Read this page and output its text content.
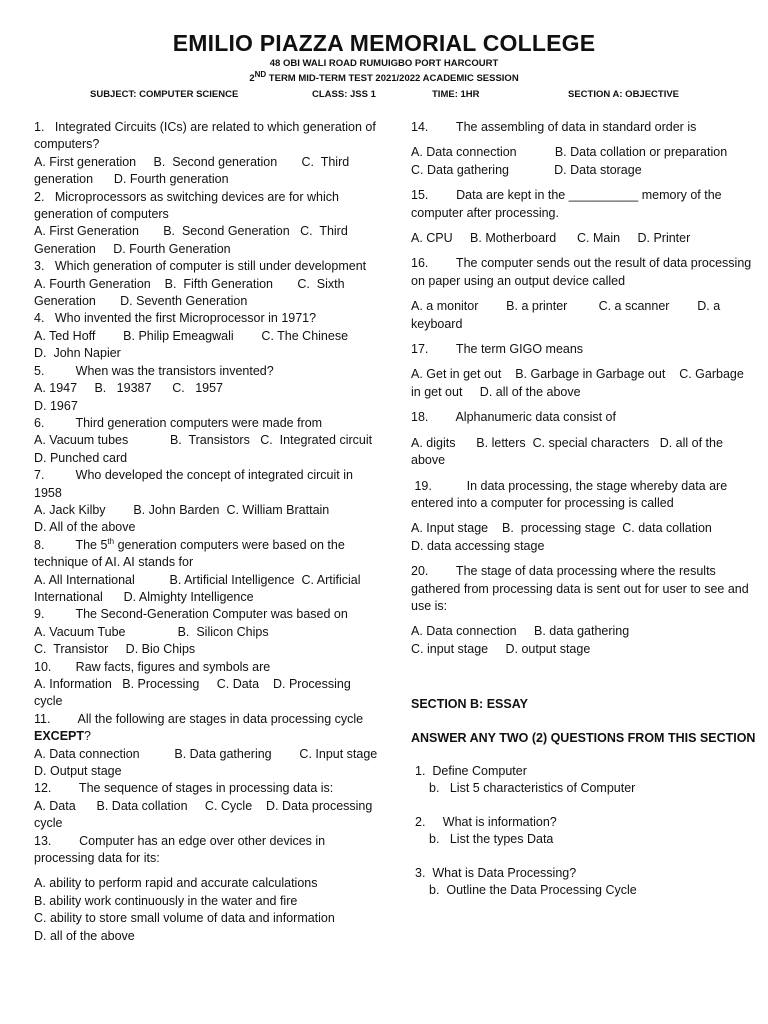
EMILIO PIAZZA MEMORIAL COLLEGE
48 OBI WALI ROAD RUMUIGBO PORT HARCOURT
2ND TERM MID-TERM TEST 2021/2022 ACADEMIC SESSION
SUBJECT: COMPUTER SCIENCE	CLASS: JSS 1	TIME: 1HR	SECTION A: OBJECTIVE

1.   Integrated Circuits (ICs) are related to which generation of computers?

A. First generation     B.  Second generation       C.  Third generation      D. Fourth generation

2.   Microprocessors as switching devices are for which generation of computers

A. First Generation       B.  Second Generation   C.  Third Generation     D. Fourth Generation

3.   Which generation of computer is still under development

A. Fourth Generation    B.  Fifth Generation       C.  Sixth Generation       D. Seventh Generation

4.   Who invented the first Microprocessor in 1971?

A. Ted Hoff        B. Philip Emeagwali        C. The Chinese

D.  John Napier

5.         When was the transistors invented?

A. 1947     B.   19387      C.   1957

D. 1967

6.         Third generation computers were made from

A. Vacuum tubes            B.  Transistors   C.  Integrated circuit

D. Punched card

7.         Who developed the concept of integrated circuit in 1958

A. Jack Kilby        B. John Barden  C. William Brattain

D. All of the above

8.         The 5th generation computers were based on the technique of AI. AI stands for

A. All International          B. Artificial Intelligence  C. Artificial International      D. Almighty Intelligence

9.         The Second-Generation Computer was based on

A. Vacuum Tube               B.  Silicon Chips

C.  Transistor     D. Bio Chips

10.       Raw facts, figures and symbols are

A. Information   B. Processing     C. Data    D. Processing cycle

11.        All the following are stages in data processing cycle EXCEPT?

A. Data connection          B. Data gathering        C. Input stage

D. Output stage

12.        The sequence of stages in processing data is:

A. Data      B. Data collation     C. Cycle    D. Data processing cycle

13.        Computer has an edge over other devices in processing data for its:

A. ability to perform rapid and accurate calculations

B. ability work continuously in the water and fire

C. ability to store small volume of data and information

D. all of the above

14.        The assembling of data in standard order is

A. Data connection           B. Data collation or preparation
C. Data gathering             D. Data storage

15.        Data are kept in the __________ memory of the computer after processing.

A. CPU     B. Motherboard      C. Main     D. Printer

16.        The computer sends out the result of data processing on paper using an output device called

A. a monitor        B. a printer         C. a scanner        D. a keyboard

17.        The term GIGO means

A. Get in get out    B. Garbage in Garbage out    C. Garbage in get out     D. all of the above

18.        Alphanumeric data consist of

A. digits      B. letters  C. special characters   D. all of the above

19.          In data processing, the stage whereby data are entered into a computer for processing is called

A. Input stage    B.  processing stage  C. data collation
D. data accessing stage

20.        The stage of data processing where the results gathered from processing data is sent out for user to see and use is:

A. Data connection     B. data gathering
C. input stage     D. output stage

SECTION B: ESSAY

ANSWER ANY TWO (2) QUESTIONS FROM THIS SECTION

1.  Define Computer

b.   List 5 characteristics of Computer

2.     What is information?

b.   List the types Data

3.  What is Data Processing?

b.  Outline the Data Processing Cycle
